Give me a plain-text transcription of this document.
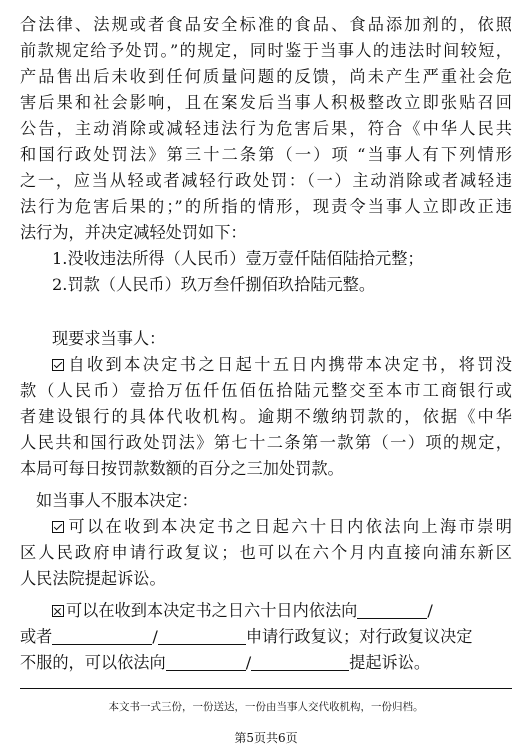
合法律、法规或者食品安全标准的食品、食品添加剂的，依照
前款规定给予处罚。”的规定，同时鉴于当事人的违法时间较短，
产品售出后未收到任何质量问题的反馈，尚未产生严重社会危
害后果和社会影响，且在案发后当事人积极整改立即张贴召回
公告，主动消除或减轻违法行为危害后果，符合《中华人民共
和国行政处罚法》第三十二条第（一）项 “当事人有下列情形
之一，应当从轻或者减轻行政处罚：（一）主动消除或者减轻违
法行为危害后果的；”的所指的情形，现责令当事人立即改正违
法行为，并决定减轻处罚如下：
1.没收违法所得（人民币）壹万壹仟陆佰陆拾元整；
2.罚款（人民币）玖万叁仟捌佰玖拾陆元整。
现要求当事人：
自收到本决定书之日起十五日内携带本决定书，将罚没
款（人民币）壹拾万伍仟伍佰伍拾陆元整交至本市工商银行或
者建设银行的具体代收机构。逾期不缴纳罚款的，依据《中华
人民共和国行政处罚法》第七十二条第一款第（一）项的规定，
本局可每日按罚款数额的百分之三加处罚款。
如当事人不服本决定：
可以在收到本决定书之日起六十日内依法向上海市崇明
区人民政府申请行政复议；也可以在六个月内直接向浦东新区
人民法院提起诉讼。
可以在收到本决定书之日六十日内依法向	/
或者	/	申请行政复议；对行政复议决定
不服的，可以依法向	/	提起诉讼。
本文书一式三份，一份送达，一份由当事人交代收机构，一份归档。
第5页共6页
